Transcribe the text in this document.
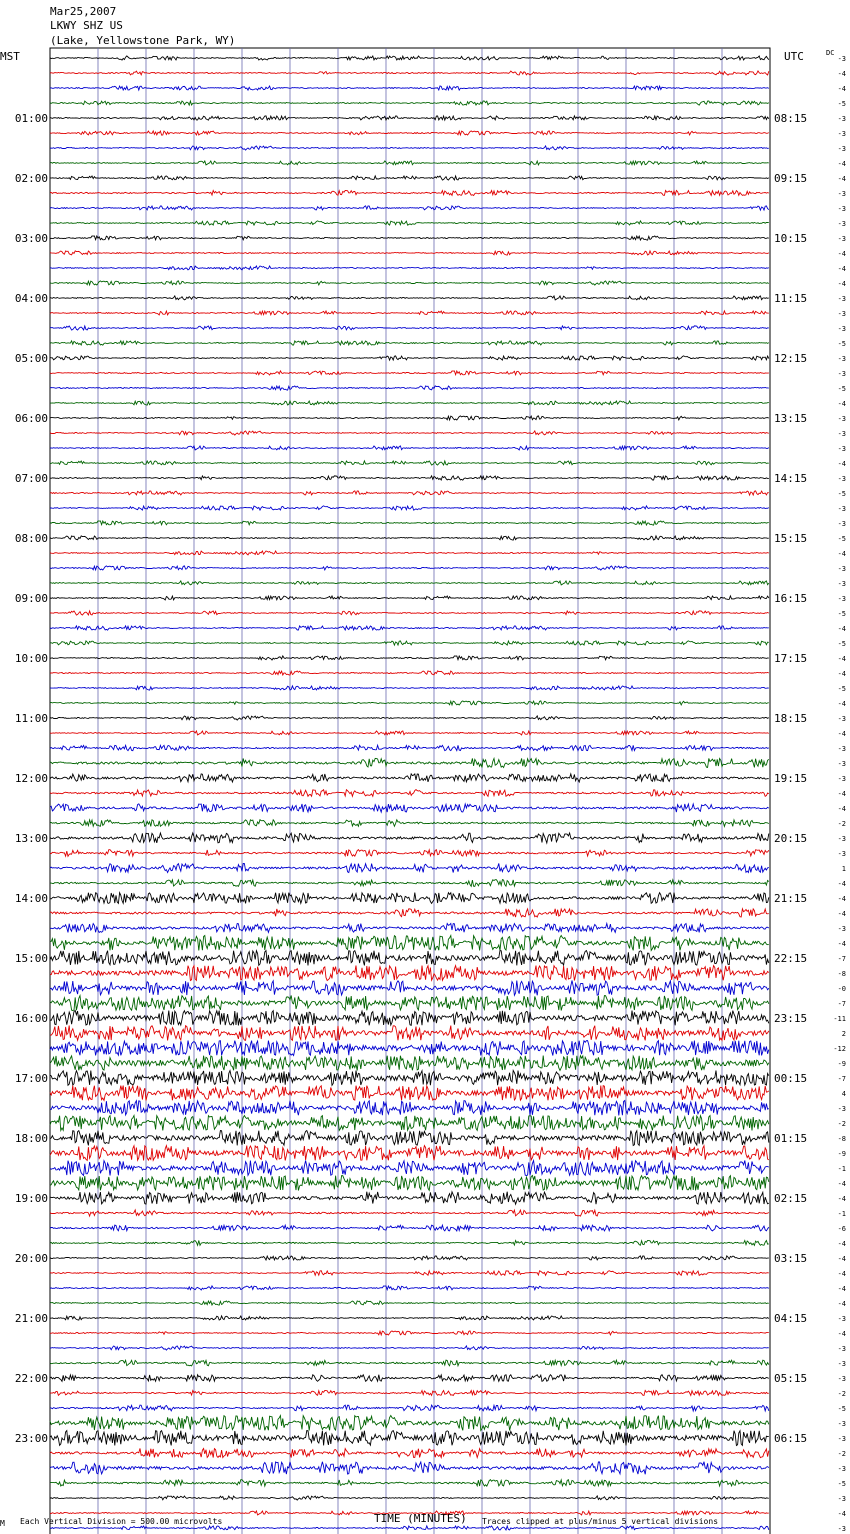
Mar25,2007
LKWY SHZ US
(Lake, Yellowstone Park, WY)
MST	UTC
01:00
02:00
03:00
04:00
05:00
06:00
07:00
08:00
09:00
10:00
11:00
12:00
13:00
14:00
15:00
16:00
17:00
18:00
19:00
20:00
21:00
22:00
23:00
08:15
09:15
10:15
11:15
12:15
13:15
14:15
15:15
16:15
17:15
18:15
19:15
20:15
21:15
22:15
23:15
00:15
01:15
02:15
03:15
04:15
05:15
06:15
DC
-3
-4
-4
-5
-3
-3
-3
-4
-4
-3
-3
-3
-3
-4
-4
-4
-3
-3
-3
-5
-3
-3
-5
-4
-3
-3
-3
-4
-3
-5
-3
-3
-5
-4
-3
-3
-3
-5
-4
-5
-4
-4
-5
-4
-3
-4
-3
-3
-3
-4
-4
-2
-3
-3
1
-4
-4
-4
-3
-4
-7
-8
-0
-7
-11
2
-12
-9
-7
4
-3
-2
-8
-9
-1
-4
-4
-1
-6
-4
-4
-4
-4
-4
-3
-4
-3
-3
-3
-2
-5
-3
-3
-2
-3
-5
-3
-4
-3
M Each Vertical Division = 500.00 microvolts	TIME (MINUTES) Traces clipped at plus/minus 5 vertical divisions
